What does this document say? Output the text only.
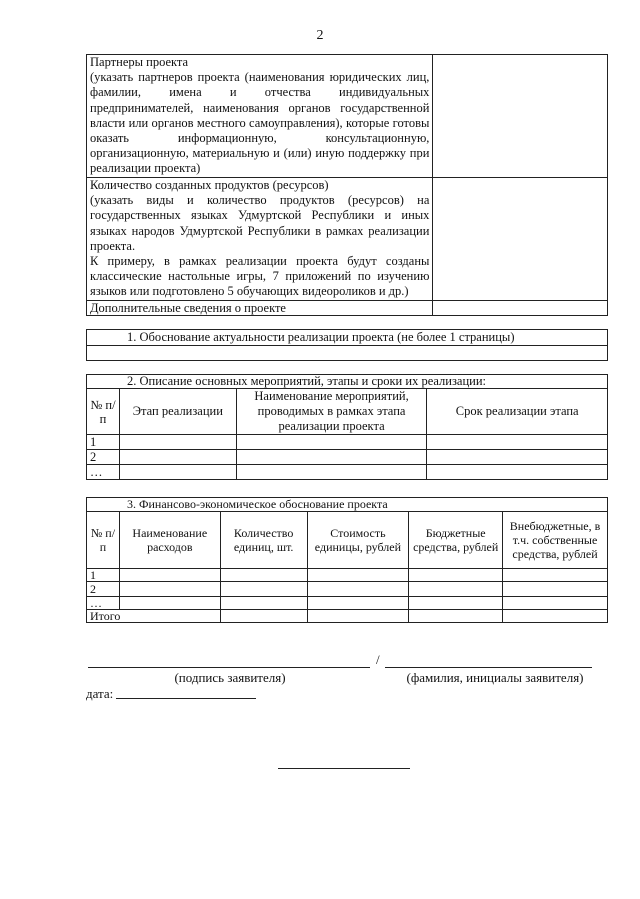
2
Партнеры проекта
(указать партнеров проекта (наименования юридических лиц, фамилии, имена и отчества индивидуальных предпринимателей, наименования органов государственной власти или органов местного самоуправления), которые готовы оказать информационную, консультационную, организационную, материальную и (или) иную поддержку при реализации проекта)	

Количество созданных продуктов (ресурсов)
(указать виды и количество продуктов (ресурсов) на государственных языках Удмуртской Республики и иных языках народов Удмуртской Республики в рамках реализации проекта.
К примеру, в рамках реализации проекта будут созданы классические настольные игры, 7 приложений по изучению языков или подготовлено 5 обучающих видеороликов и др.)	

Дополнительные сведения о проекте	
1. Обоснование актуальности реализации проекта (не более 1 страницы)

2. Описание основных мероприятий, этапы и сроки их реализации:			
№ п/п	Этап реализации	Наименование мероприятий, проводимых в рамках этапа реализации проекта	Срок реализации этапа
1			
2			
…			
3. Финансово-экономическое обоснование проекта					
№ п/п	Наименование расходов	Количество единиц, шт.	Стоимость единицы, рублей	Бюджетные средства, рублей	Внебюджетные, в т.ч. собственные средства, рублей
1					
2					
…					
Итого					
/
(подпись заявителя)	(фамилия, инициалы заявителя)
дата:
